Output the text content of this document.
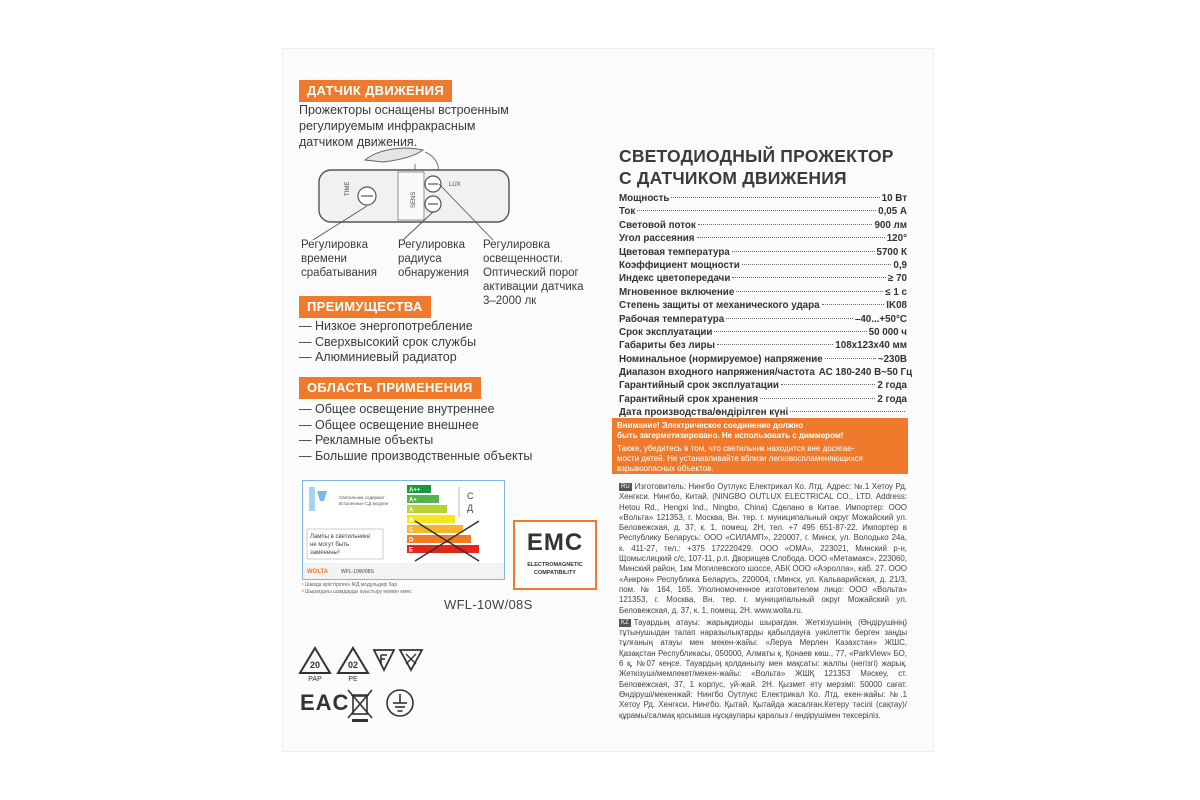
ДАТЧИК ДВИЖЕНИЯ
Прожекторы оснащены встроенным
регулируемым инфракрасным
датчиком движения.
TIME
SENS
LUX
Регулировка
времени
срабатывания
Регулировка
радиуса
обнаружения
Регулировка
освещенности.
Оптический порог
активации датчика
3–2000 лк
ПРЕИМУЩЕСТВА
— Низкое энергопотребление
— Сверхвысокий срок службы
— Алюминиевый радиатор
ОБЛАСТЬ ПРИМЕНЕНИЯ
— Общее освещение внутреннее
— Общее освещение внешнее
— Рекламные объекты
— Большие производственные объекты
Светильник содержит
встроенные СД модули
A++
A+
A
B
C
D
E
C
Д
Лампы в светильнике
не могут быть
заменены²
WOLTA	WFL-10W/08S
¹ Шамда кірістірілген ЖД модульдері бар
² Шырағдағы шамдарды ауыстыру мүмкін емес
EMC
ELECTROMAGNETIC
COMPATIBILITY
WFL-10W/08S
20
PAP
02
PE
EAC
СВЕТОДИОДНЫЙ ПРОЖЕКТОР
С ДАТЧИКОМ ДВИЖЕНИЯ
Мощность	10 Вт
Ток	0,05 А
Световой поток	900 лм
Угол рассеяния	120°
Цветовая температура	5700 К
Коэффициент мощности	0,9
Индекс цветопередачи	≥ 70
Мгновенное включение	≤ 1 с
Степень защиты от механического удара	IK08
Рабочая температура	–40...+50°С
Срок эксплуатации	50 000 ч
Габариты без лиры	108х123х40 мм
Номинальное (нормируемое) напряжение	~230В
Диапазон входного напряжения/частота АС 180-240 В~50 Гц
Гарантийный срок эксплуатации	2 года
Гарантийный срок хранения	2 года
Дата производства/өндірілген күні
Внимание! Электрическое соединение должно
быть загерметизировано. Не использовать с диммером!
Также, убедитесь в том, что светильник находится вне досягае-
мости детей. Не устанавливайте вблизи легковоспламеняющихся
взрывоопасных объектов.
RU Изготовитель: Нингбо Оутлукс Електрикал Ко. Лтд. Адрес: №.1 Хетоу Рд. Хенгкси. Нингбо, Китай. (NINGBO OUTLUX ELECTRICAL CO., LTD. Address: Hetou Rd., Hengxi Ind., Ningbo, China) Сделано в Китае. Импортер: ООО «Вольта» 121353, г. Москва, Вн. тер. г. муниципальный округ Можайский ул. Беловежская, д. 37, к. 1, помещ. 2Н, тел. +7 495 651-87-22. Импортер в Республику Беларусь: ООО «СИЛАМП», 220007, г. Минск, ул. Володько 24а, к. 411-27, тел.: +375 172220429. ООО «ОМА», 223021, Минский р-н, Щомыслицкий с/с, 107-11, р.п. Дворищев Слобода. ООО «Метамакс», 223060, Минский район, 1км Могилевского шоссе, АБК ООО «Аэролла», каб. 27. ООО «Анкрон» Республика Беларусь, 220004, г.Минск, ул. Кальварийская, д. 21/3, пом. № 164, 165. Уполномоченное изготовителем лицо: ООО «Вольта» 121353, г. Москва, Вн. тер. г. муниципальный округ Можайский ул. Беловежская, д. 37, к. 1, помещ. 2Н. www.wolta.ru.
KZ Тауардың атауы: жарықдиоды шырағдан. Жеткізушінің (Өндірушінің) тұтынушыдан талап наразылықтарды қабылдауға уәкілеттік берген заңды тұлғаның атауы мен мекен-жайы: «Леруа Мерлен Казахстан» ЖШС, Қазақстан Республикасы, 050000, Алматы қ, Қонаев көш., 77, «ParkView» БО, 6 қ, №07 кеңсе. Тауардың қолданылу мен мақсаты: жалпы (негізгі) жарық. Жеткізуші/мемлекет/мекен-жайы: «Вольта» ЖШҚ 121353 Мәскеу, ст. Беловежская, 37, 1 корпус, үй-жай. 2Н. Қызмет ету мерзімі: 50000 сағат. Өндіруші/мекенжай: Нингбо Оутлукс Електрикал Ко. Лтд. екен-жайы: №.1 Хетоу Рд. Хенгкси. Нингбо. Қытай. Қытайда жасалған.Кетеру тәсілі (сақтау)/ құрамы/салмақ қосымша нұсқаулары қаралыз / өндірушімен тексеріліз.
